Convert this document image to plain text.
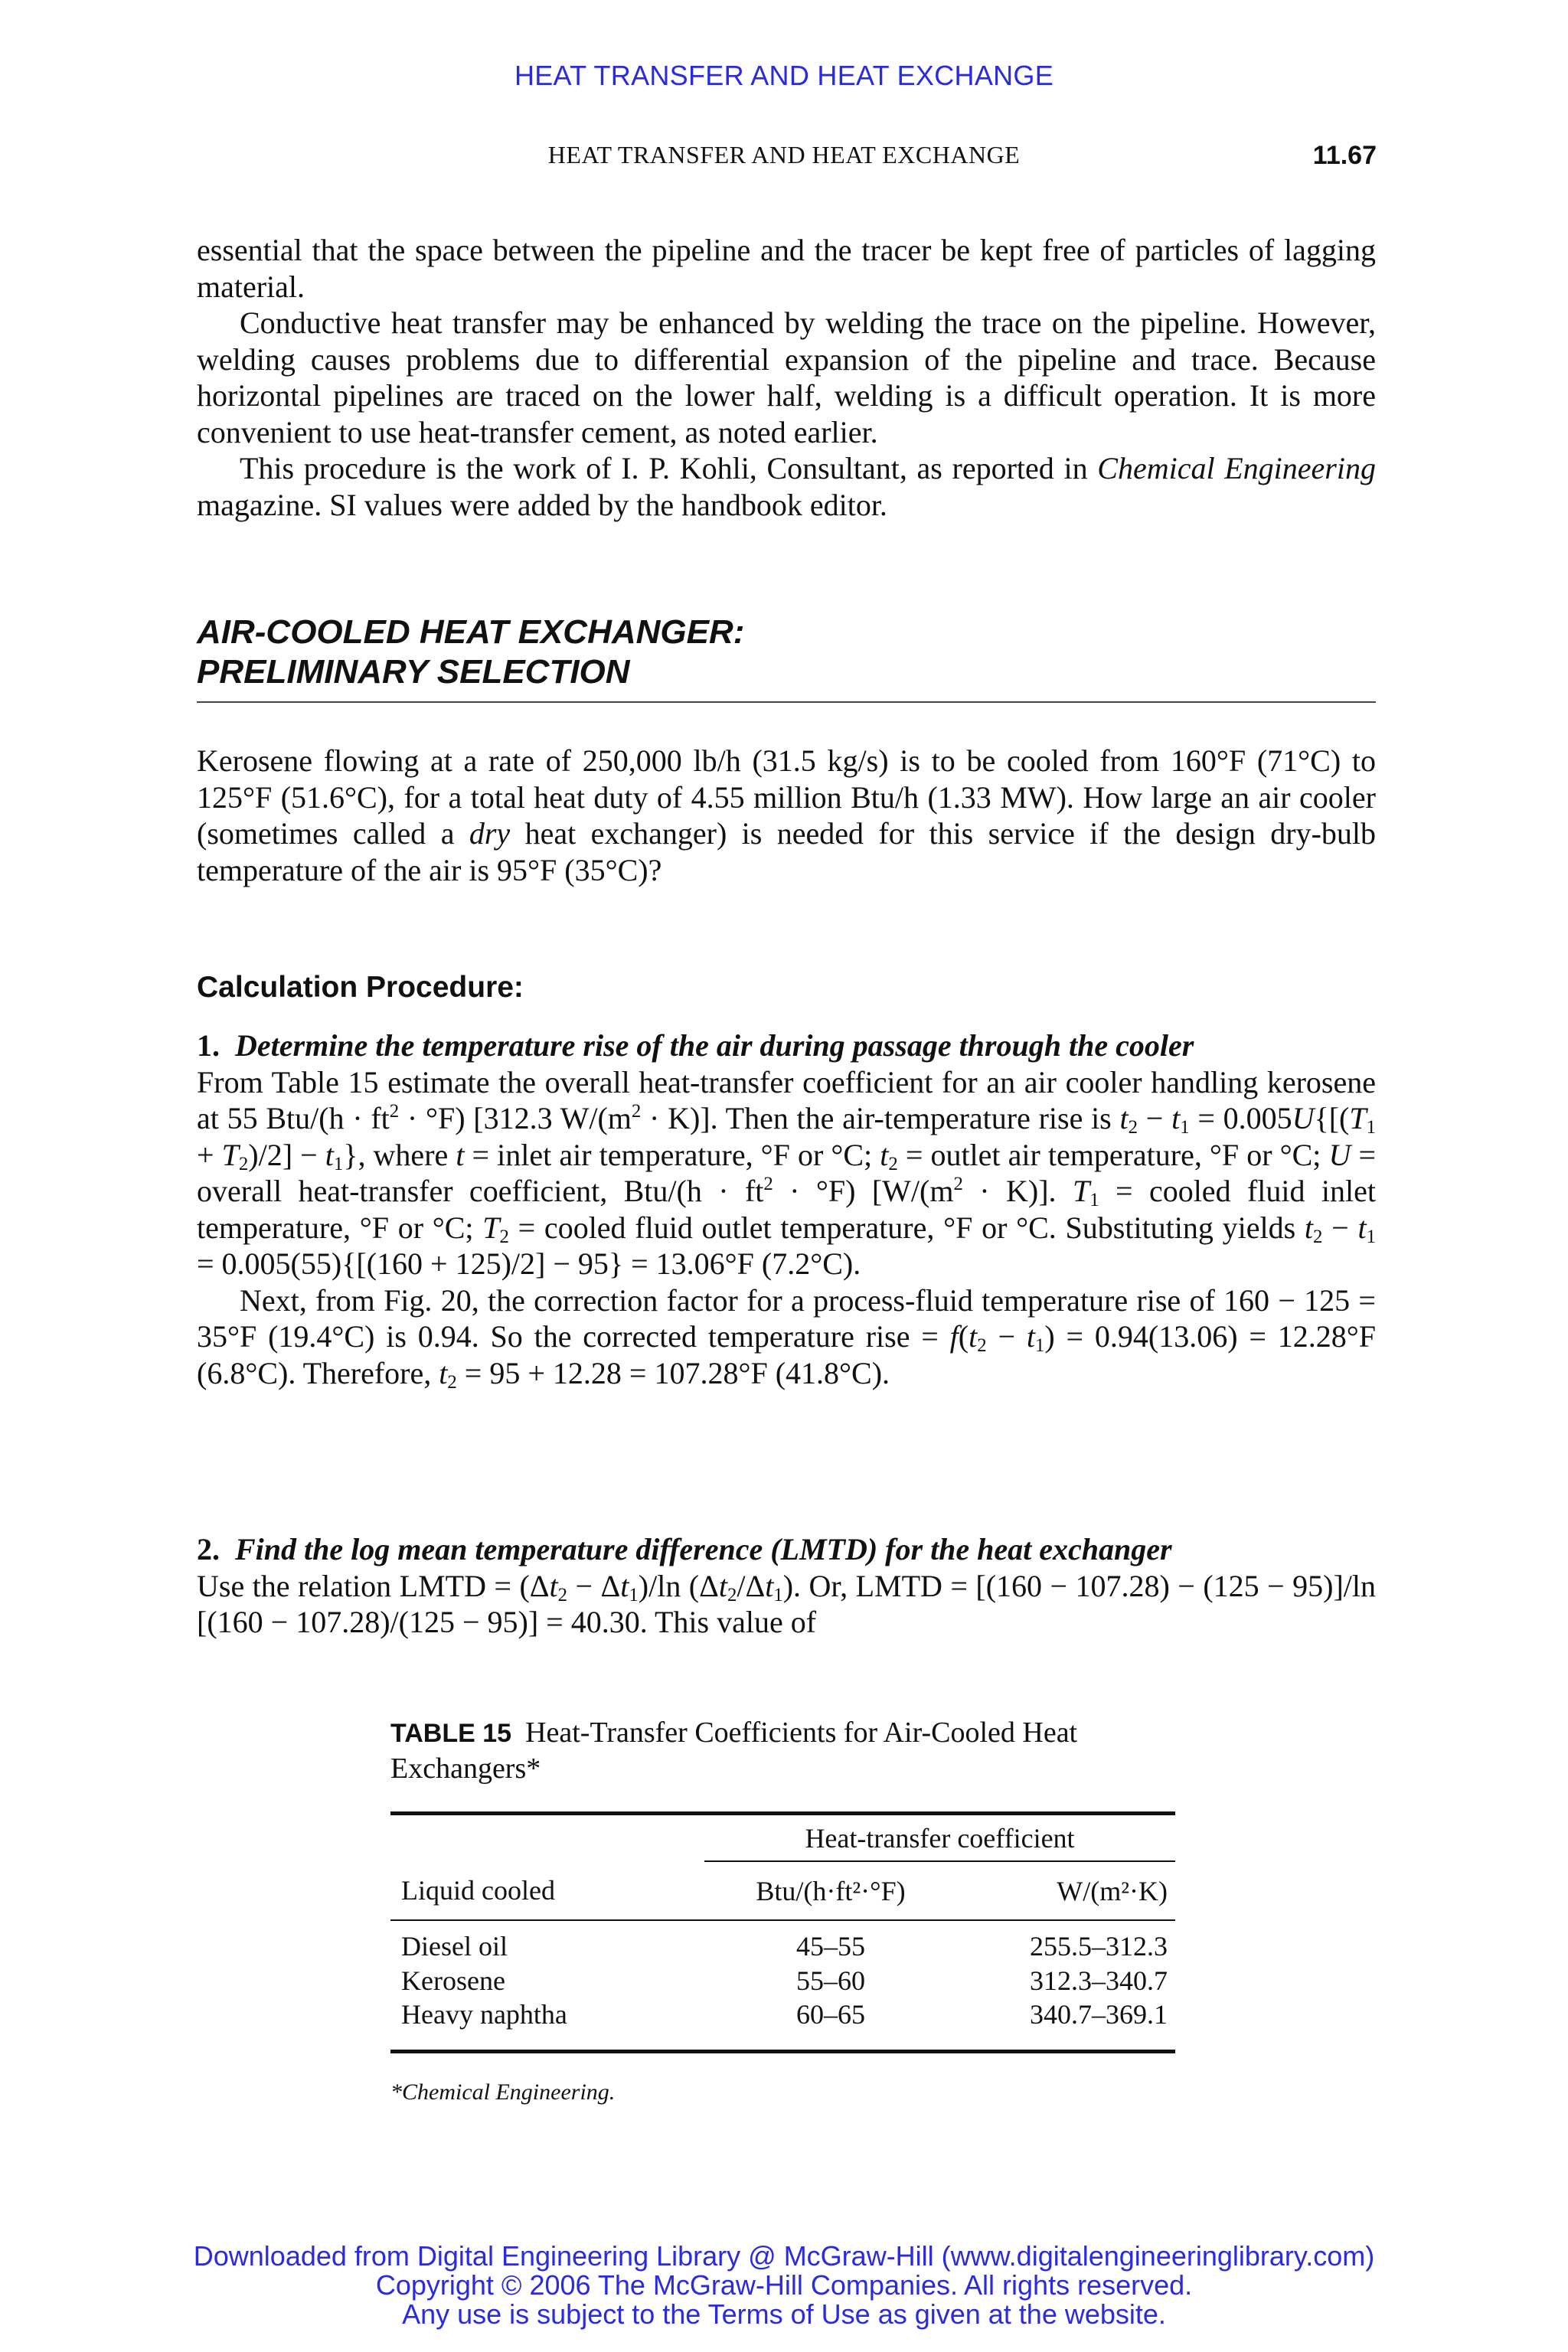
HEAT TRANSFER AND HEAT EXCHANGE
HEAT TRANSFER AND HEAT EXCHANGE	11.67

essential that the space between the pipeline and the tracer be kept free of particles of lagging material.

Conductive heat transfer may be enhanced by welding the trace on the pipeline. However, welding causes problems due to differential expansion of the pipeline and trace. Because horizontal pipelines are traced on the lower half, welding is a difficult operation. It is more convenient to use heat-transfer cement, as noted earlier.

This procedure is the work of I. P. Kohli, Consultant, as reported in Chemical Engineering magazine. SI values were added by the handbook editor.

AIR-COOLED HEAT EXCHANGER:

PRELIMINARY SELECTION

Kerosene flowing at a rate of 250,000 lb/h (31.5 kg/s) is to be cooled from 160°F (71°C) to 125°F (51.6°C), for a total heat duty of 4.55 million Btu/h (1.33 MW). How large an air cooler (sometimes called a dry heat exchanger) is needed for this service if the design dry-bulb temperature of the air is 95°F (35°C)?

Calculation Procedure:

1. Determine the temperature rise of the air during passage through the cooler

From Table 15 estimate the overall heat-transfer coefficient for an air cooler handling kerosene at 55 $Btu/(h \cdot ft^2 \cdot ^\circ F)$ [312.3 $W/(m^2 \cdot K)$]. Then the air-temperature rise is $t_2 - t_1 = 0.005U\{[(T_1 + T_2)/2] - t_1\}$, where t = inlet air temperature, °F or °C; $t_2$ = outlet air temperature, °F or °C; U = overall heat-transfer coefficient, $Btu/(h \cdot ft^2 \cdot ^\circ F)$ $[W/(m^2 \cdot K)]$. $T_1$ = cooled fluid inlet temperature, °F or °C; $T_2$ = cooled fluid outlet temperature, °F or °C. Substituting yields $t_2 - t_1 = 0.005(55)\{[(160 + 125)/2] - 95\} = 13.06^\circ F$ (7.2°C).

Next, from Fig. 20, the correction factor for a process-fluid temperature rise of 160 − 125 = 35°F (19.4°C) is 0.94. So the corrected temperature rise = $f(t_2 - t_1) = 0.94(13.06) = 12.28^\circ F$ (6.8°C). Therefore, $t_2 = 95 + 12.28 = 107.28^\circ F$ (41.8°C).

2. Find the log mean temperature difference (LMTD) for the heat exchanger

Use the relation LMTD = $(\Delta t_2 - \Delta t_1)/\ln$ $(\Delta t_2/\Delta t_1)$. Or, LMTD = [(160 − 107.28) − (125 − 95)]/ln [(160 − 107.28)/(125 − 95)] = 40.30. This value of

TABLE 15 Heat-Transfer Coefficients for Air-Cooled Heat Exchangers*
	Heat-transfer coefficient	
Liquid cooled	Btu/(h·ft²·°F)	W/(m²·K)
Diesel oil	45–55	255.5–312.3
Kerosene	55–60	312.3–340.7
Heavy naphtha	60–65	340.7–369.1

*Chemical Engineering.
Downloaded from Digital Engineering Library @ McGraw-Hill (www.digitalengineeringlibrary.com)
Copyright © 2006 The McGraw-Hill Companies. All rights reserved.
Any use is subject to the Terms of Use as given at the website.
